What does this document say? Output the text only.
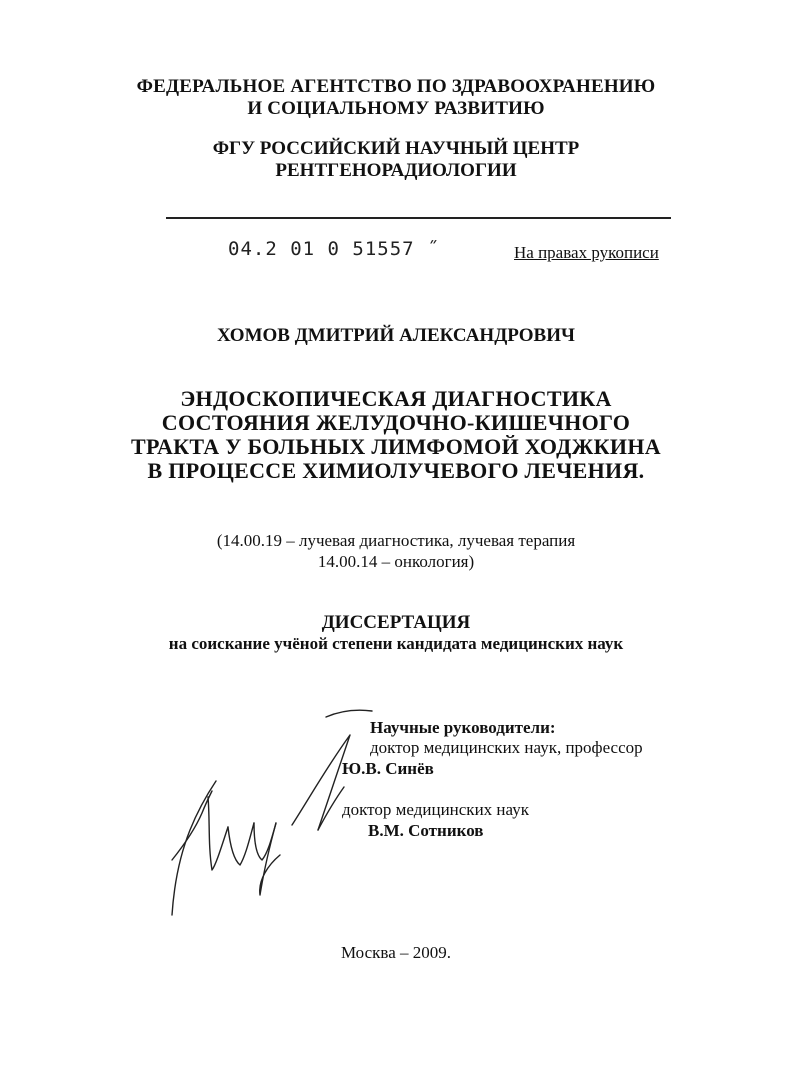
ФЕДЕРАЛЬНОЕ АГЕНТСТВО ПО ЗДРАВООХРАНЕНИЮ
И СОЦИАЛЬНОМУ РАЗВИТИЮ
ФГУ РОССИЙСКИЙ НАУЧНЫЙ ЦЕНТР
РЕНТГЕНОРАДИОЛОГИИ
04.2 01 0 51557 ˝	На правах рукописи
ХОМОВ ДМИТРИЙ АЛЕКСАНДРОВИЧ
ЭНДОСКОПИЧЕСКАЯ ДИАГНОСТИКА
СОСТОЯНИЯ ЖЕЛУДОЧНО-КИШЕЧНОГО
ТРАКТА У БОЛЬНЫХ ЛИМФОМОЙ ХОДЖКИНА
В ПРОЦЕССЕ ХИМИОЛУЧЕВОГО ЛЕЧЕНИЯ.
(14.00.19 – лучевая диагностика, лучевая терапия
14.00.14 – онкология)
ДИССЕРТАЦИЯ
на соискание учёной степени кандидата медицинских наук
Научные руководители:
доктор медицинских наук, профессор
Ю.В. Синёв
доктор медицинских наук
В.М. Сотников
Москва – 2009.
